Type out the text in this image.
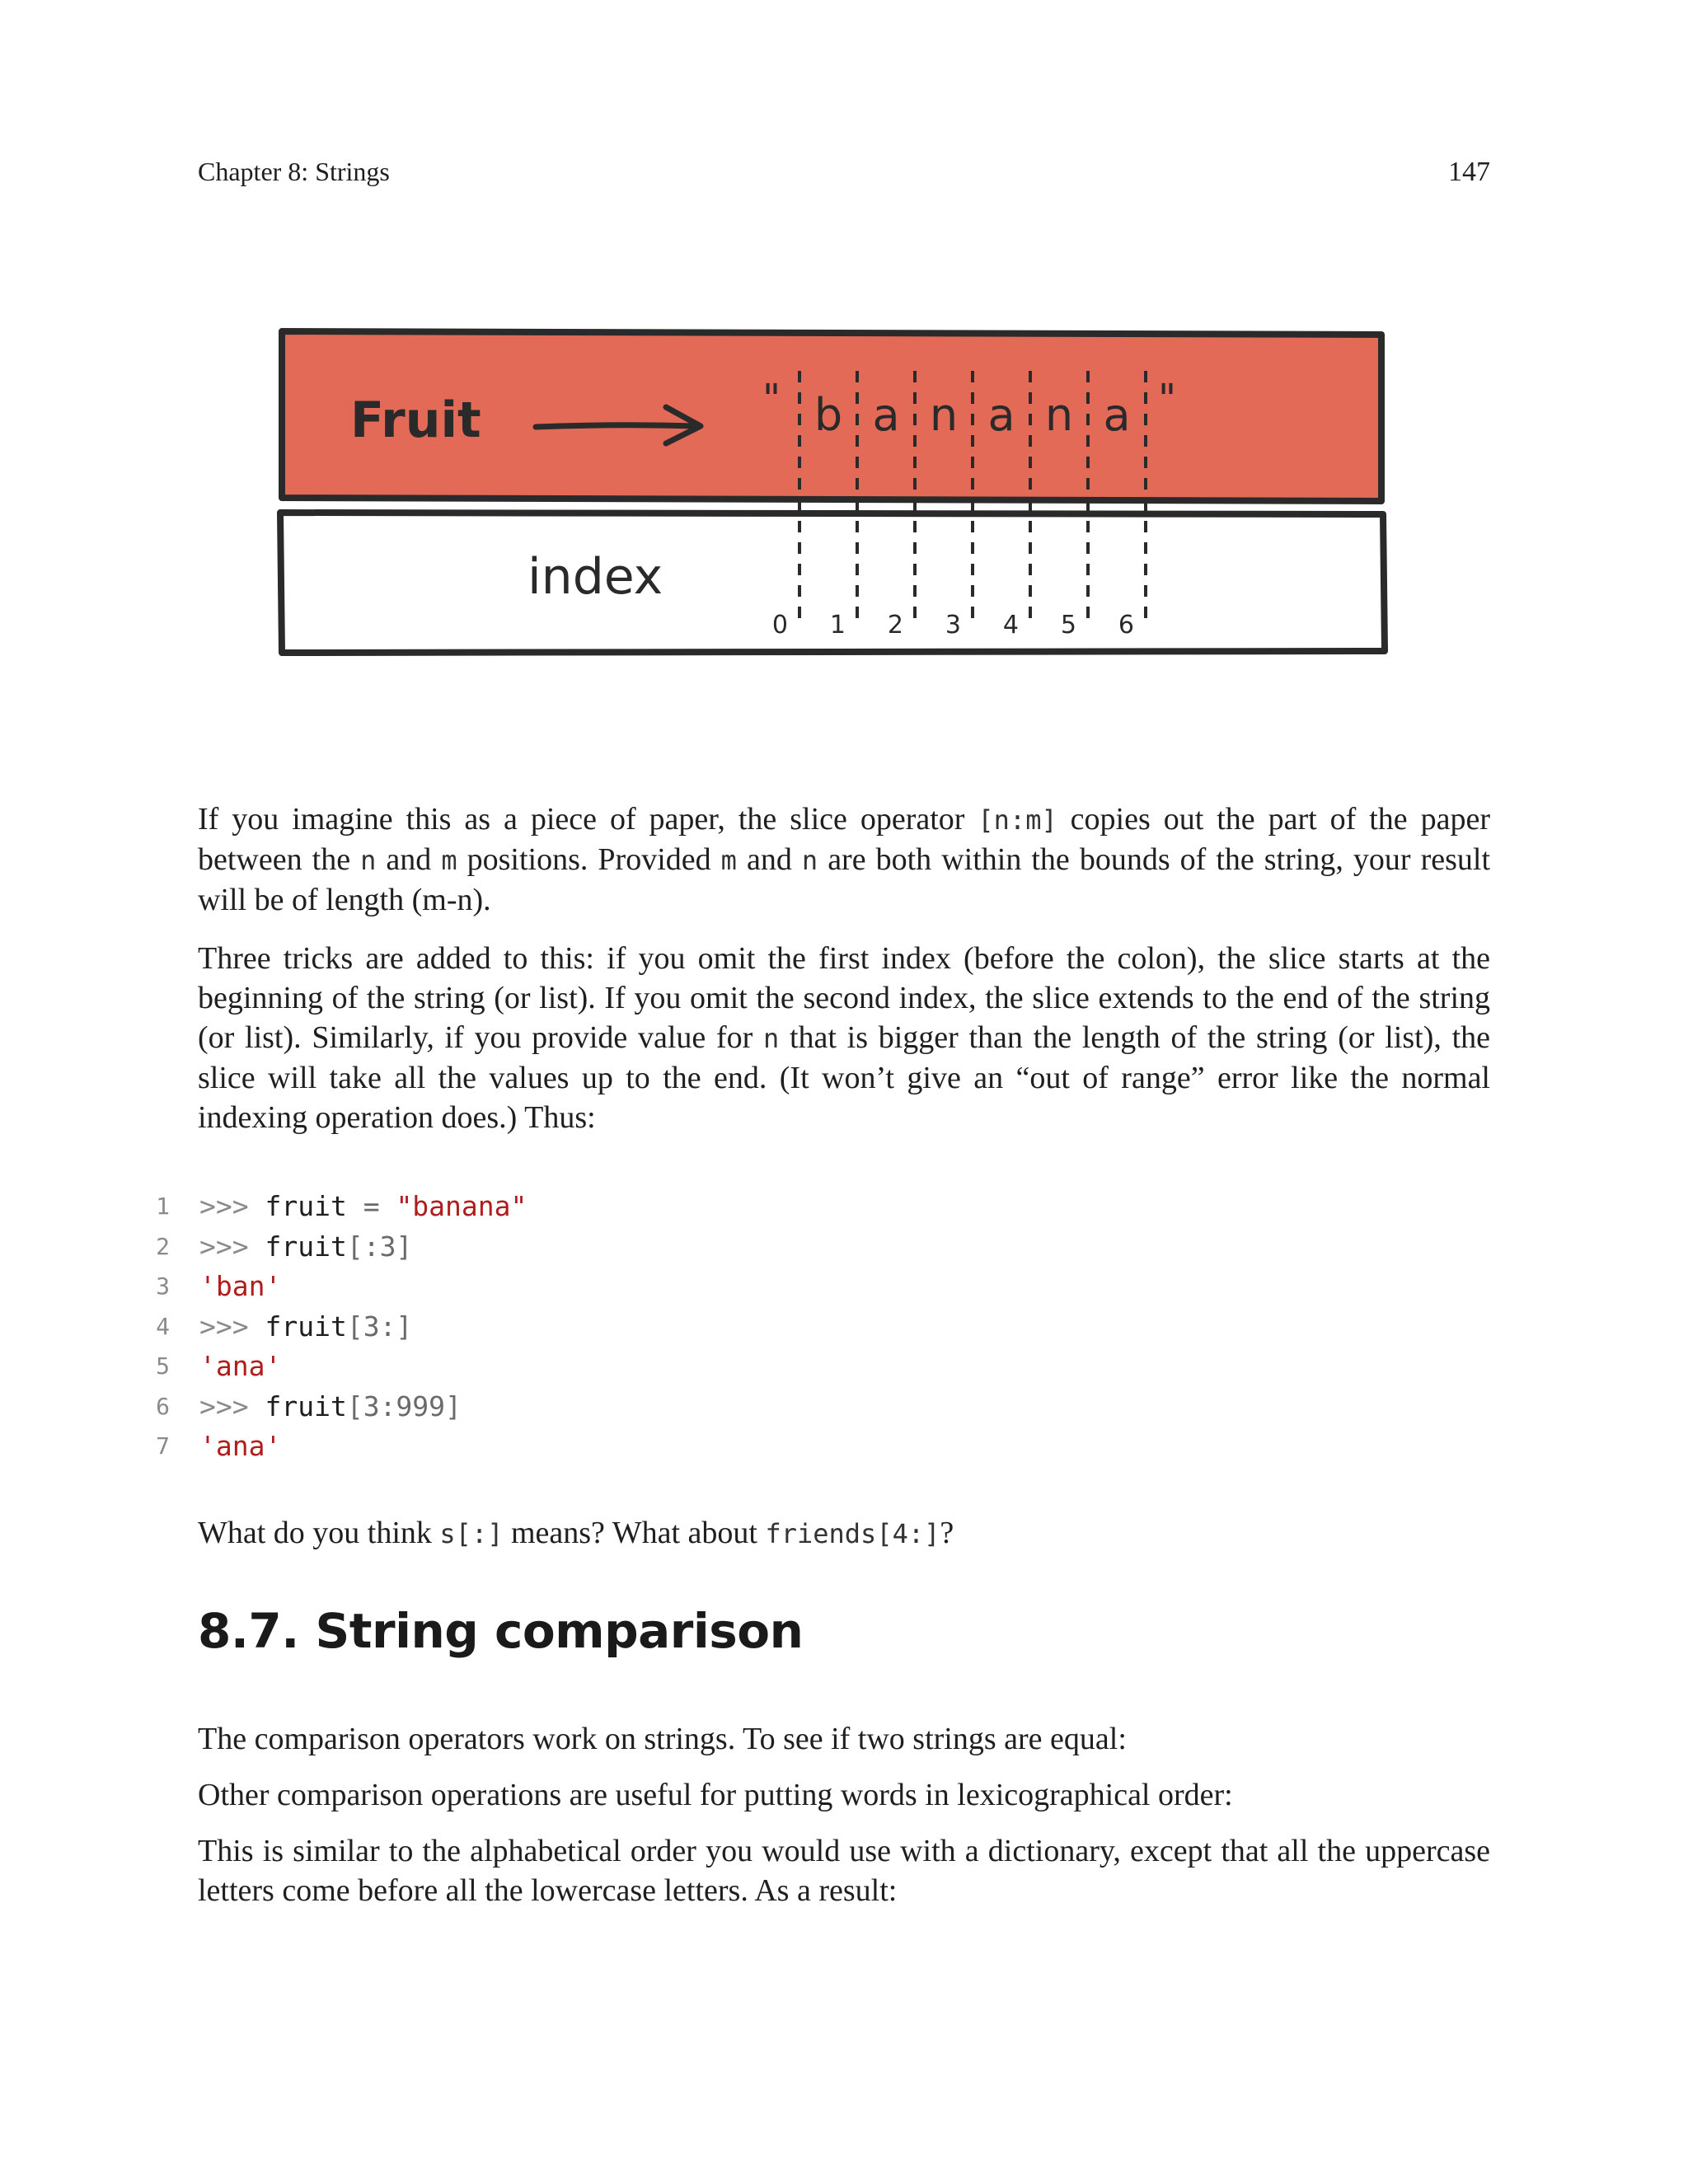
Chapter 8: Strings	147
Fruit
index
"	"
b a n a n a
0 1 2 3 4 5 6

If you imagine this as a piece of paper, the slice operator [n:m] copies out the part of the paper between the n and m positions. Provided m and n are both within the bounds of the string, your result will be of length (m-n).

Three tricks are added to this: if you omit the first index (before the colon), the slice starts at the beginning of the string (or list). If you omit the second index, the slice extends to the end of the string (or list). Similarly, if you provide value for n that is bigger than the length of the string (or list), the slice will take all the values up to the end. (It won’t give an “out of range” error like the normal indexing operation does.) Thus:

1 >>> fruit = "banana"
2 >>> fruit [:3]
3 'ban'
4 >>> fruit [3:]
5 'ana'
6 >>> fruit [3:999]
7 'ana'

What do you think s[:] means? What about friends[4:]?

8.7. String comparison

The comparison operators work on strings. To see if two strings are equal:

Other comparison operations are useful for putting words in lexicographical order:

This is similar to the alphabetical order you would use with a dictionary, except that all the uppercase letters come before all the lowercase letters. As a result:
